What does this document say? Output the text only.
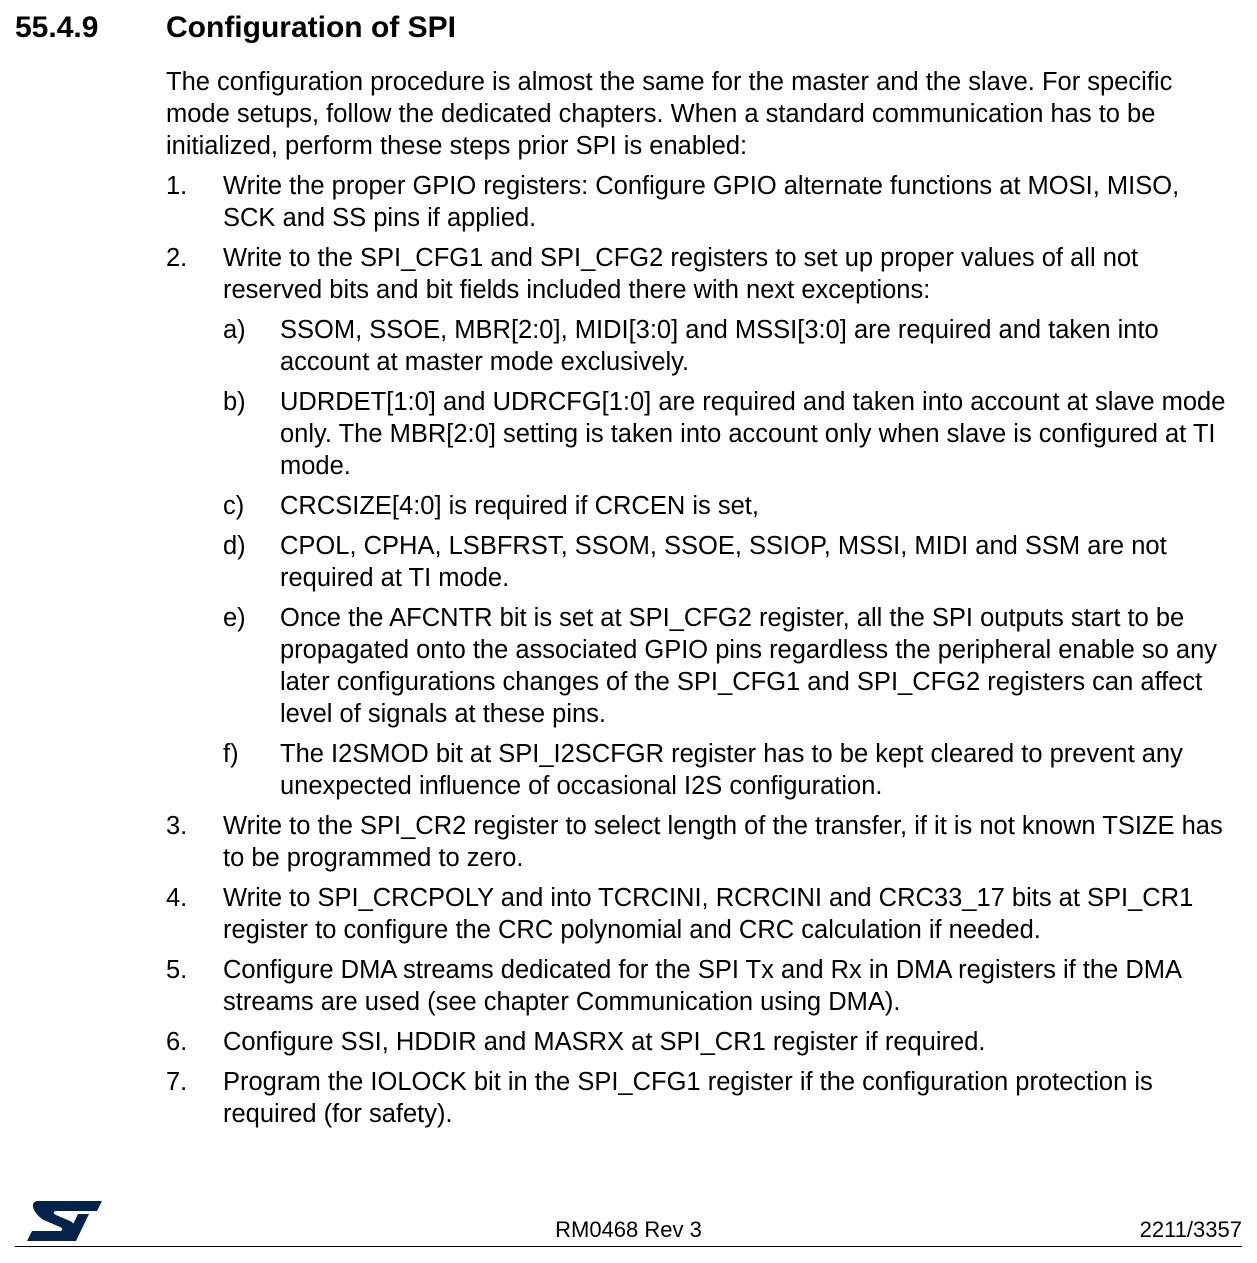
55.4.9 Configuration of SPI

The configuration procedure is almost the same for the master and the slave. For specific mode setups, follow the dedicated chapters. When a standard communication has to be initialized, perform these steps prior SPI is enabled:

1. Write the proper GPIO registers: Configure GPIO alternate functions at MOSI, MISO, SCK and SS pins if applied.
2. Write to the SPI_CFG1 and SPI_CFG2 registers to set up proper values of all not reserved bits and bit fields included there with next exceptions:
a) SSOM, SSOE, MBR[2:0], MIDI[3:0] and MSSI[3:0] are required and taken into account at master mode exclusively.
b) UDRDET[1:0] and UDRCFG[1:0] are required and taken into account at slave mode only. The MBR[2:0] setting is taken into account only when slave is configured at TI mode.
c) CRCSIZE[4:0] is required if CRCEN is set,
d) CPOL, CPHA, LSBFRST, SSOM, SSOE, SSIOP, MSSI, MIDI and SSM are not required at TI mode.
e) Once the AFCNTR bit is set at SPI_CFG2 register, all the SPI outputs start to be propagated onto the associated GPIO pins regardless the peripheral enable so any later configurations changes of the SPI_CFG1 and SPI_CFG2 registers can affect level of signals at these pins.
f) The I2SMOD bit at SPI_I2SCFGR register has to be kept cleared to prevent any unexpected influence of occasional I2S configuration.
3. Write to the SPI_CR2 register to select length of the transfer, if it is not known TSIZE has to be programmed to zero.
4. Write to SPI_CRCPOLY and into TCRCINI, RCRCINI and CRC33_17 bits at SPI_CR1 register to configure the CRC polynomial and CRC calculation if needed.
5. Configure DMA streams dedicated for the SPI Tx and Rx in DMA registers if the DMA streams are used (see chapter Communication using DMA).
6. Configure SSI, HDDIR and MASRX at SPI_CR1 register if required.
7. Program the IOLOCK bit in the SPI_CFG1 register if the configuration protection is required (for safety).
RM0468 Rev 3	2211/3357
